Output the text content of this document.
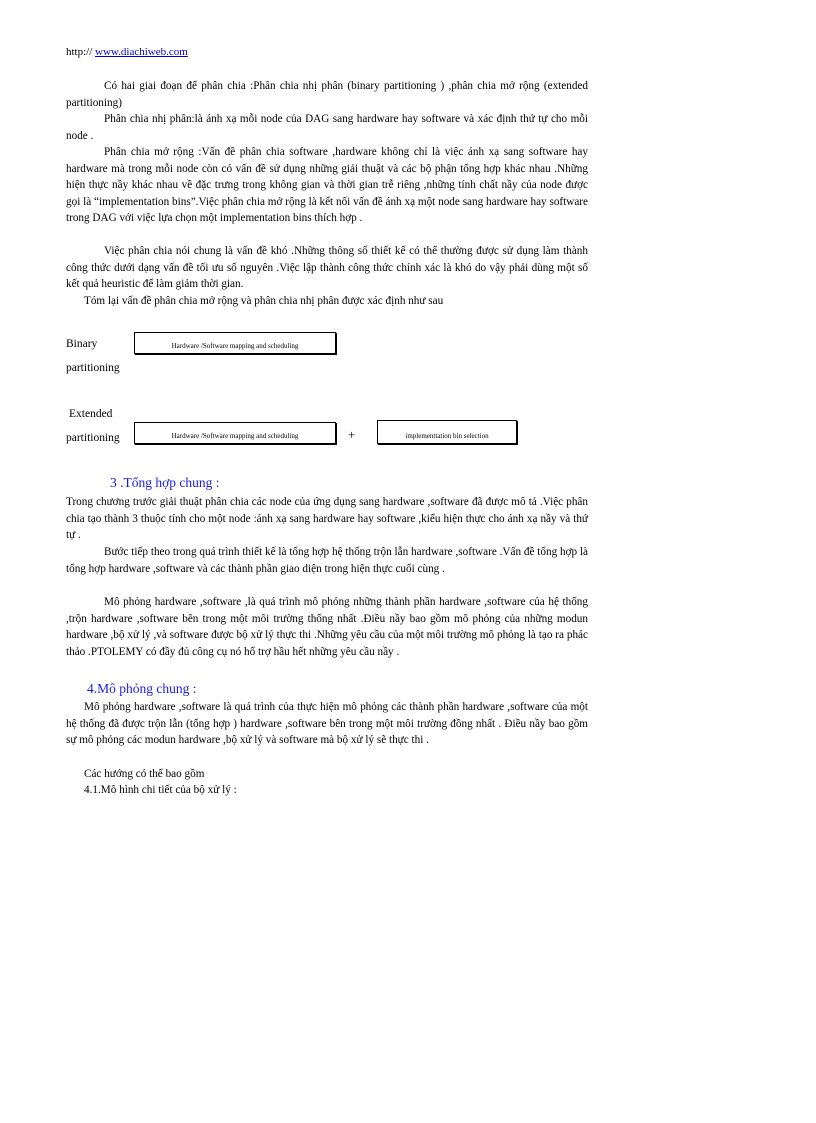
http:// www.diachiweb.com

Có hai giai đoạn để phân chia :Phân chia nhị phân (binary partitioning ) ,phân chia mở rộng (extended partitioning)

Phân chia nhị phân:là ánh xạ mỗi node của DAG sang hardware hay software và xác định thứ tự cho mỗi node .

Phân chia mở rộng :Vấn đề phân chia software ,hardware không chỉ là việc ánh xạ sang software hay hardware mà trong mỗi node còn có vấn đề sử dụng những giải thuật và các bộ phận tổng hợp khác nhau .Những hiện thực nầy khác nhau về đặc trưng trong không gian và thời gian trễ riêng ,những tính chất nầy của node được gọi là “implementation bins”.Việc phân chia mở rộng là kết nối vấn đề ánh xạ một node sang hardware hay software trong DAG với việc lựa chọn một implementation bins thích hợp .

Việc phân chia nói chung là vấn đề khó .Những thông số thiết kế có thể thường được sử dụng làm thành công thức dưới dạng vấn đề tối ưu số nguyên .Việc lập thành công thức chính xác là khó do vậy phải dùng một số kết quả heuristic để làm giảm thời gian.

Tóm lại vấn đề phân chia mở rộng và phân chia nhị phân được xác định như sau

Binary
partitioning
Hardware /Software mapping and scheduling
Extended
partitioning	Hardware /Software mapping and scheduling	+	implementtation bin selection
3 .Tổng hợp chung :

Trong chương trước giải thuật phân chia các node của ứng dụng sang hardware ,software đã được mô tả .Việc phân chia tạo thành 3 thuộc tính cho một node :ánh xạ sang hardware hay software ,kiểu hiện thực cho ánh xạ nầy và thứ tự .

Bước tiếp theo trong quá trình thiết kế là tổng hợp hệ thống trộn lẫn hardware ,software .Vấn đề tổng hợp là tổng hợp hardware ,software và các thành phần giao diện trong hiện thực cuối cùng .

Mô phỏng hardware ,software ,là quá trình mô phỏng những thành phần hardware ,software của hệ thống ,trộn hardware ,software bên trong một môi trường thống nhất .Điều nầy bao gồm mô phỏng của những modun hardware ,bộ xử lý ,và software được bộ xử lý thực thi .Những yêu cầu của một môi trường mô phỏng là tạo ra phác thảo .PTOLEMY có đầy đủ công cụ nó hổ trợ hầu hết những yêu cầu nầy .

4.Mô phỏng chung :

Mô phỏng hardware ,software là quá trình của thực hiện mô phỏng các thành phần hardware ,software của một hệ thống đã được trộn lẫn (tổng hợp ) hardware ,software bên trong một môi trường đồng nhất . Điều nầy bao gồm sự mô phỏng các modun hardware ,bộ xử lý và software mà bộ xử lý sẽ thực thi .

Các hướng có thể bao gồm

4.1.Mô hình chi tiết của bộ xử lý :
